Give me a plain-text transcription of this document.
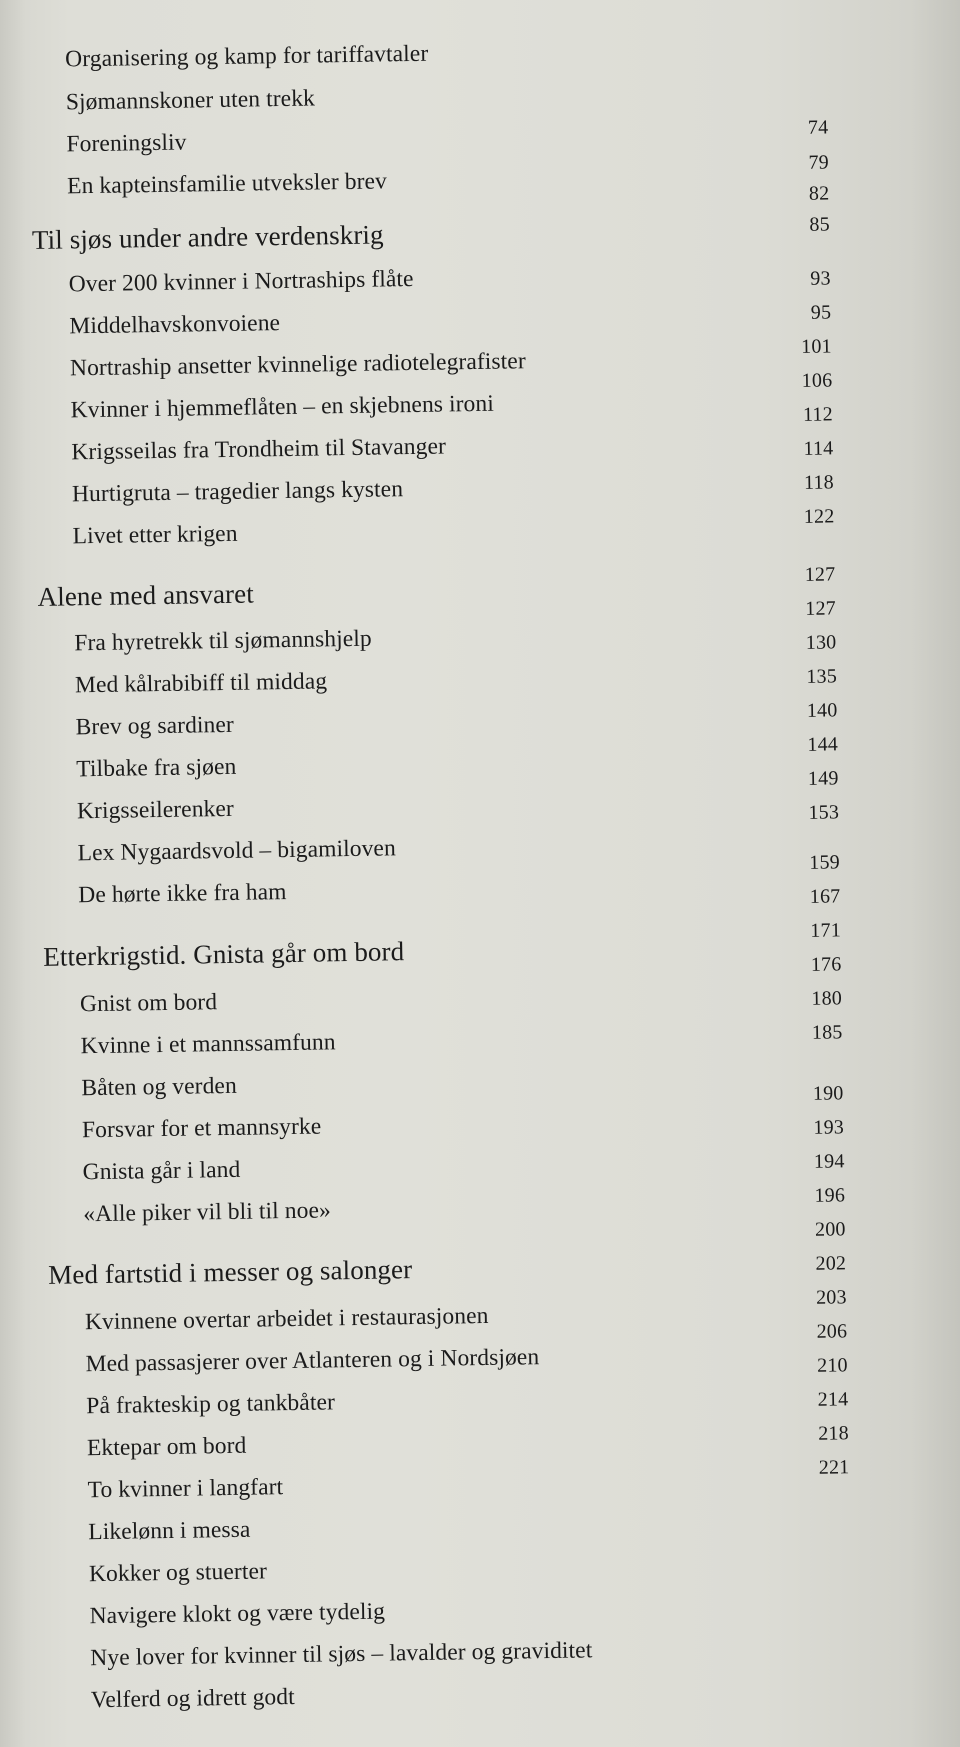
Organisering og kamp for tariffavtaler
Sjømannskoner uten trekk
Foreningsliv
En kapteinsfamilie utveksler brev
Til sjøs under andre verdenskrig
Over 200 kvinner i Nortraships flåte
Middelhavskonvoiene
Nortraship ansetter kvinnelige radiotelegrafister
Kvinner i hjemmeflåten – en skjebnens ironi
Krigsseilas fra Trondheim til Stavanger
Hurtigruta – tragedier langs kysten
Livet etter krigen
Alene med ansvaret
Fra hyretrekk til sjømannshjelp
Med kålrabibiff til middag
Brev og sardiner
Tilbake fra sjøen
Krigsseilerenker
Lex Nygaardsvold – bigamiloven
De hørte ikke fra ham
Etterkrigstid. Gnista går om bord
Gnist om bord
Kvinne i et mannssamfunn
Båten og verden
Forsvar for et mannsyrke
Gnista går i land
«Alle piker vil bli til noe»
Med fartstid i messer og salonger
Kvinnene overtar arbeidet i restaurasjonen
Med passasjerer over Atlanteren og i Nordsjøen
På frakteskip og tankbåter
Ektepar om bord
To kvinner i langfart
Likelønn i messa
Kokker og stuerter
Navigere klokt og være tydelig
Nye lover for kvinner til sjøs – lavalder og graviditet
Velferd og idrett godt
74
79
82
85
93
95
101
106
112
114
118
122
127
127
130
135
140
144
149
153
159
167
171
176
180
185
190
193
194
196
200
202
203
206
210
214
218
221
